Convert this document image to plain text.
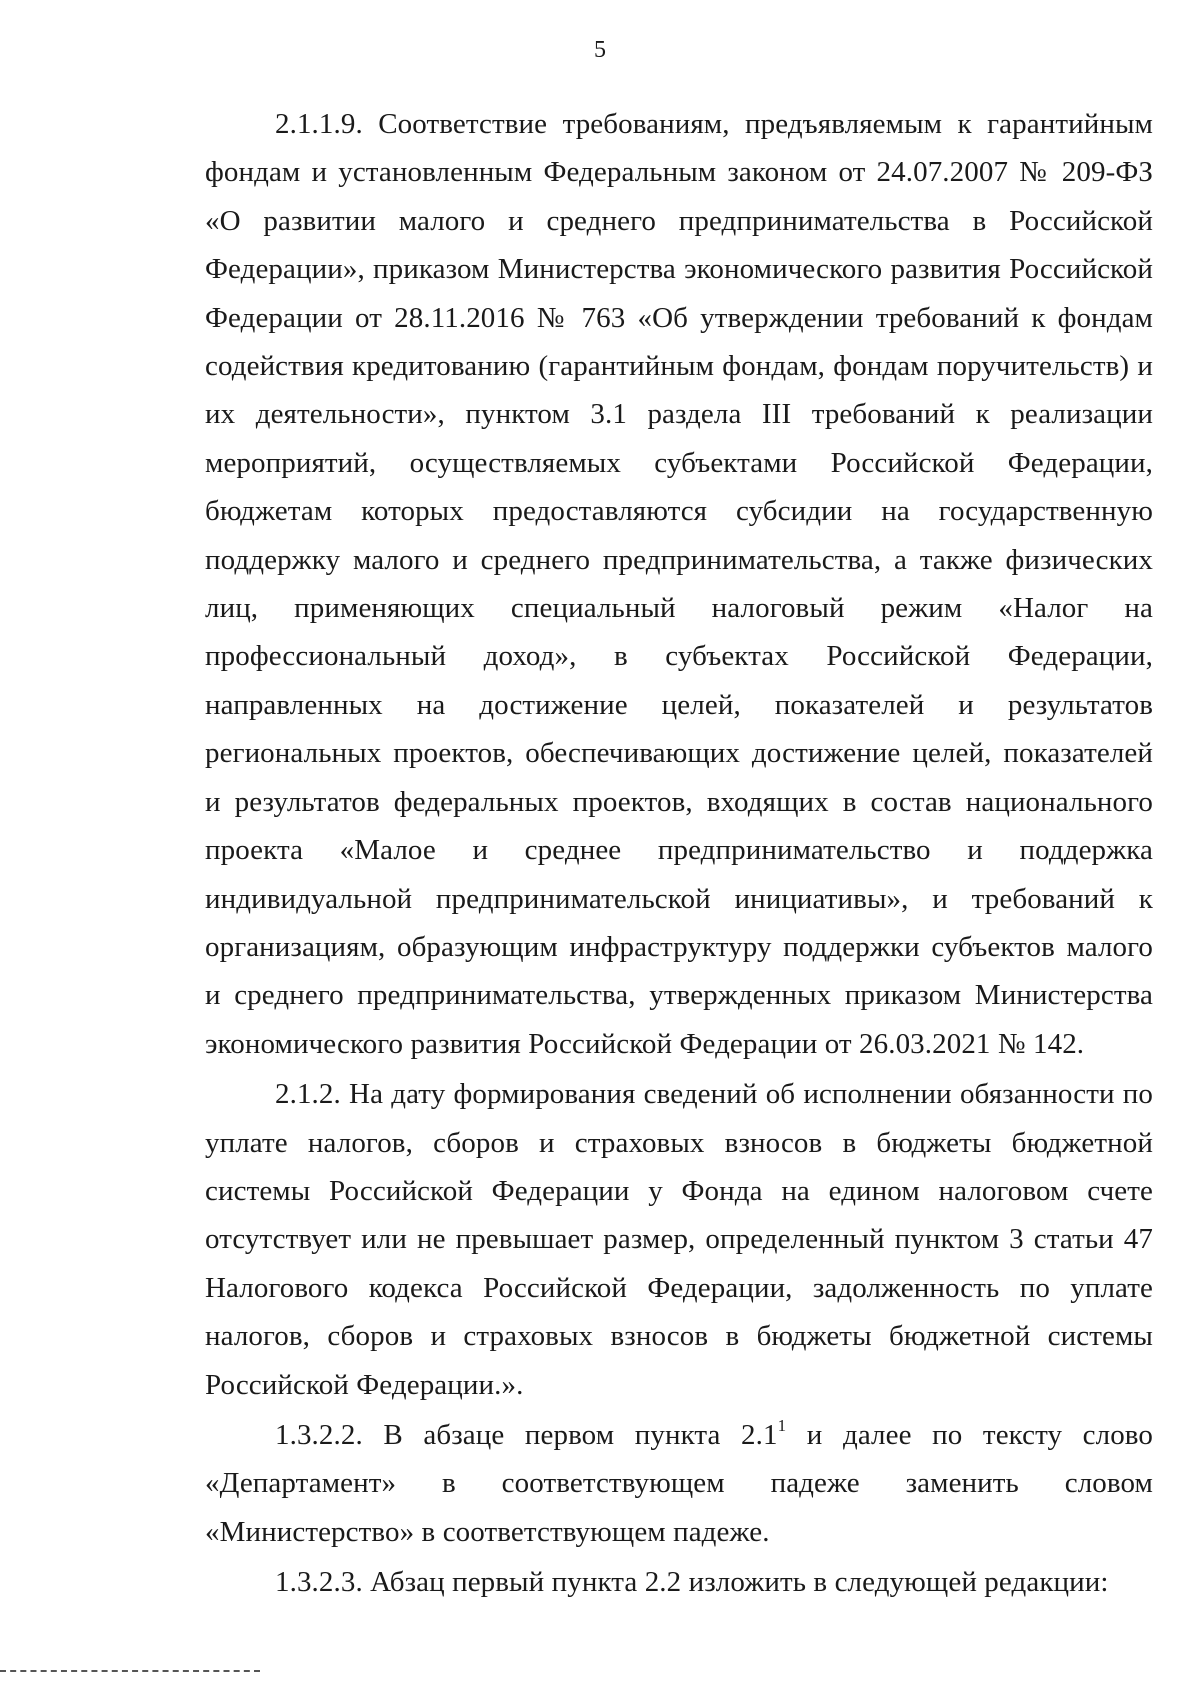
5

2.1.1.9. Соответствие требованиям, предъявляемым к гарантийным фондам и установленным Федеральным законом от 24.07.2007 № 209-ФЗ «О развитии малого и среднего предпринимательства в Российской Федерации», приказом Министерства экономического развития Российской Федерации от 28.11.2016 № 763 «Об утверждении требований к фондам содействия кредитованию (гарантийным фондам, фондам поручительств) и их деятельности», пунктом 3.1 раздела III требований к реализации мероприятий, осуществляемых субъектами Российской Федерации, бюджетам которых предоставляются субсидии на государственную поддержку малого и среднего предпринимательства, а также физических лиц, применяющих специальный налоговый режим «Налог на профессиональный доход», в субъектах Российской Федерации, направленных на достижение целей, показателей и результатов региональных проектов, обеспечивающих достижение целей, показателей и результатов федеральных проектов, входящих в состав национального проекта «Малое и среднее предпринимательство и поддержка индивидуальной предпринимательской инициативы», и требований к организациям, образующим инфраструктуру поддержки субъектов малого и среднего предпринимательства, утвержденных приказом Министерства экономического развития Российской Федерации от 26.03.2021 № 142.

2.1.2. На дату формирования сведений об исполнении обязанности по уплате налогов, сборов и страховых взносов в бюджеты бюджетной системы Российской Федерации у Фонда на едином налоговом счете отсутствует или не превышает размер, определенный пунктом 3 статьи 47 Налогового кодекса Российской Федерации, задолженность по уплате налогов, сборов и страховых взносов в бюджеты бюджетной системы Российской Федерации.».

1.3.2.2. В абзаце первом пункта $2.1^1$ и далее по тексту слово «Департамент» в соответствующем падеже заменить словом «Министерство» в соответствующем падеже.

1.3.2.3. Абзац первый пункта 2.2 изложить в следующей редакции:
